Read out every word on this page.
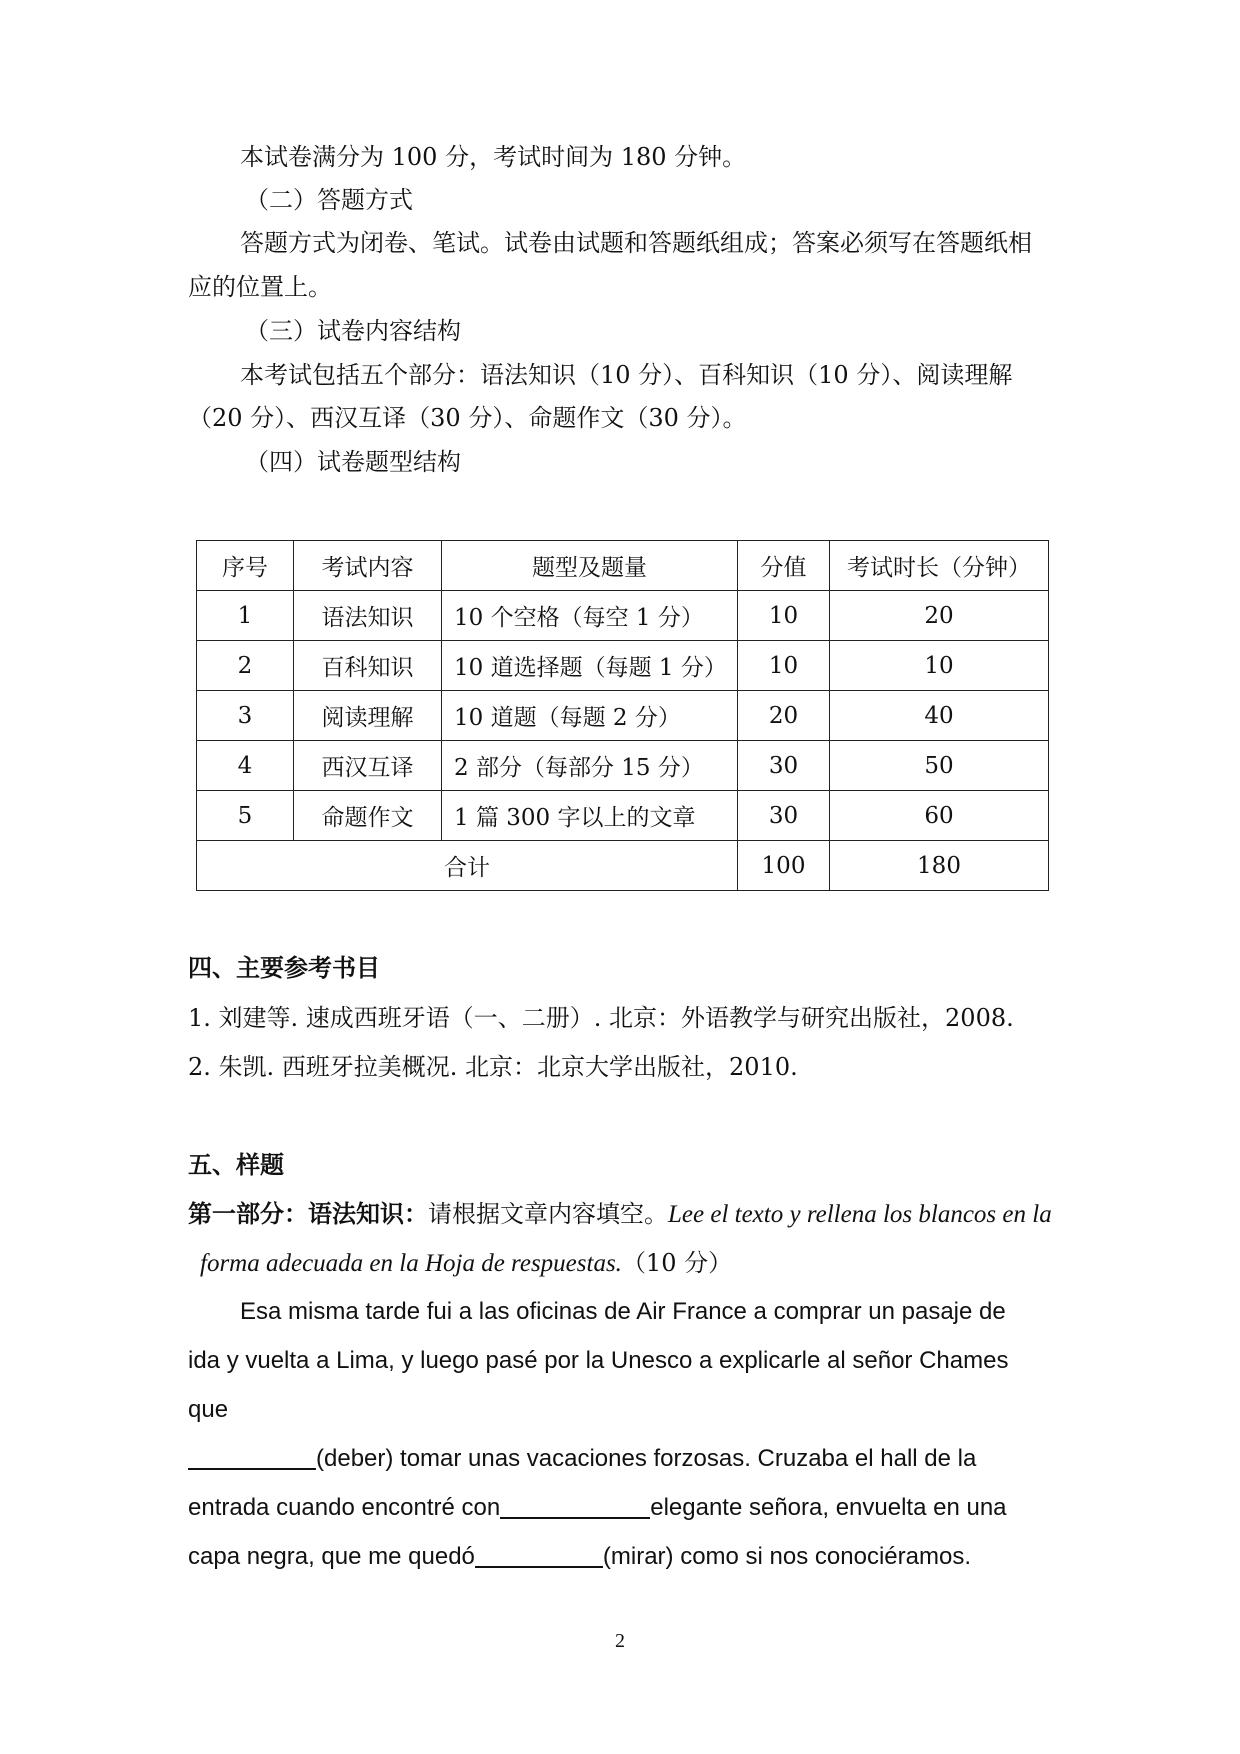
本试卷满分为 100 分，考试时间为 180 分钟。
（二）答题方式
答题方式为闭卷、笔试。试卷由试题和答题纸组成；答案必须写在答题纸相
应的位置上。
（三）试卷内容结构
本考试包括五个部分：语法知识（10 分）、百科知识（10 分）、阅读理解
（20 分）、西汉互译（30 分）、命题作文（30 分）。
（四）试卷题型结构
序号	考试内容	题型及题量	分值	考试时长（分钟）
1	语法知识	10 个空格（每空 1 分）	10	20
2	百科知识	10 道选择题（每题 1 分）	10	10
3	阅读理解	10 道题（每题 2 分）	20	40
4	西汉互译	2 部分（每部分 15 分）	30	50
5	命题作文	1 篇 300 字以上的文章	30	60
合计			100	180
四、主要参考书目
1. 刘建等. 速成西班牙语（一、二册）. 北京：外语教学与研究出版社，2008.
2. 朱凯. 西班牙拉美概况. 北京：北京大学出版社，2010.
五、样题
第一部分：语法知识：请根据文章内容填空。Lee el texto y rellena los blancos en la
forma adecuada en la Hoja de respuestas.（10 分）
Esa misma tarde fui a las oficinas de Air France a comprar un pasaje de
ida y vuelta a Lima, y luego pasé por la Unesco a explicarle al señor Chames
que
(deber) tomar unas vacaciones forzosas. Cruzaba el hall de la
entrada cuando encontré con	elegante señora, envuelta en una
capa negra, que me quedó	(mirar) como si nos conociéramos.
2
